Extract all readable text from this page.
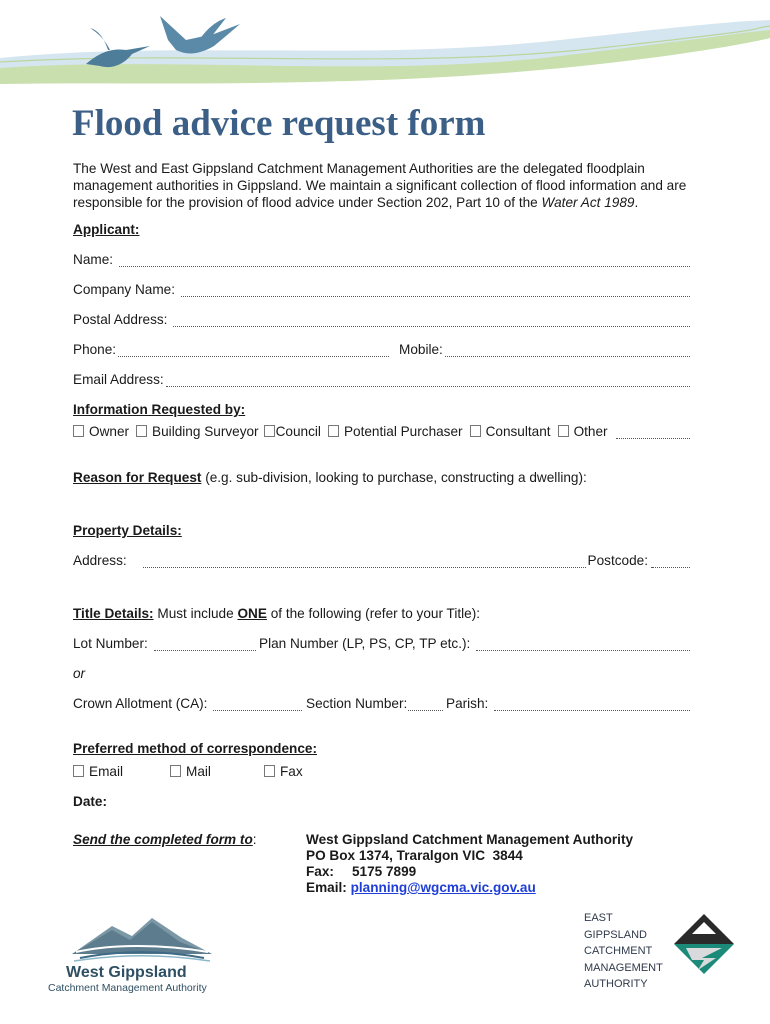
Flood advice request form
The West and East Gippsland Catchment Management Authorities are the delegated floodplain management authorities in Gippsland. We maintain a significant collection of flood information and are responsible for the provision of flood advice under Section 202, Part 10 of the Water Act 1989.
Applicant:
Name:
Company Name:
Postal Address:
Phone:	Mobile:
Email Address:
Information Requested by:
Owner	Building Surveyor	Council	Potential Purchaser	Consultant	Other
Reason for Request (e.g. sub-division, looking to purchase, constructing a dwelling):
Property Details:
Address:	Postcode:
Title Details: Must include ONE of the following (refer to your Title):
Lot Number:	Plan Number (LP, PS, CP, TP etc.):
or
Crown Allotment (CA):	Section Number:	Parish:
Preferred method of correspondence:
Email	Mail	Fax
Date:
Send the completed form to:	West Gippsland Catchment Management Authority
PO Box 1374, Traralgon VIC  3844
Fax: 5175 7899
Email: planning@wgcma.vic.gov.au
West Gippsland
Catchment Management Authority
EAST GIPPSLAND
CATCHMENT
MANAGEMENT
AUTHORITY
